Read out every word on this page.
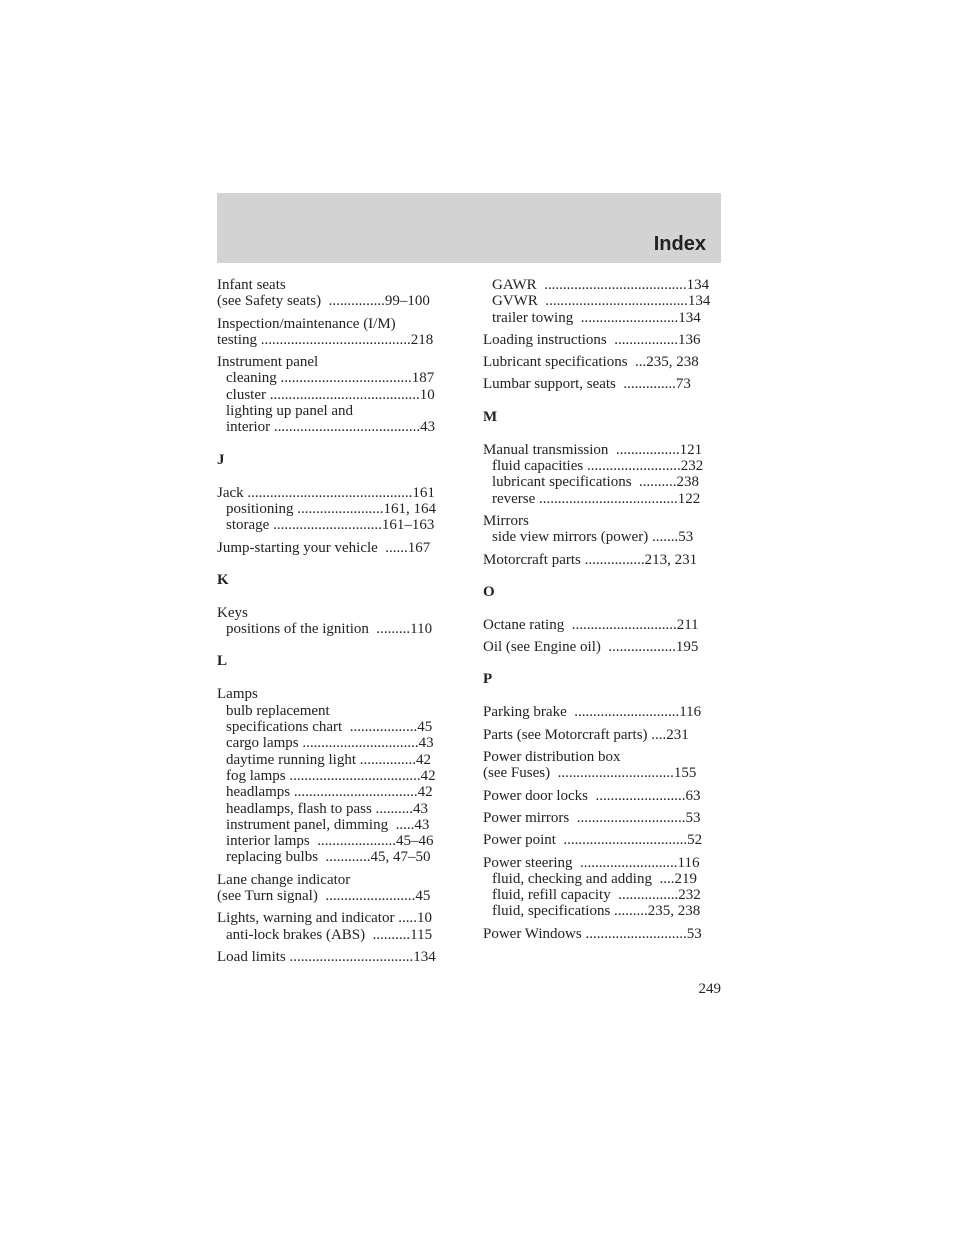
Index
Infant seats
(see Safety seats)  ...............99–100
Inspection/maintenance (I/M)
testing ........................................218
Instrument panel
cleaning ...................................187
cluster ........................................10
lighting up panel and
interior .......................................43
J
Jack ............................................161
positioning .......................161, 164
storage .............................161–163
Jump-starting your vehicle  ......167
K
Keys
positions of the ignition  .........110
L
Lamps
bulb replacement
specifications chart  ..................45
cargo lamps ...............................43
daytime running light ...............42
fog lamps ...................................42
headlamps .................................42
headlamps, flash to pass ..........43
instrument panel, dimming  .....43
interior lamps  .....................45–46
replacing bulbs  ............45, 47–50
Lane change indicator
(see Turn signal)  ........................45
Lights, warning and indicator .....10
anti-lock brakes (ABS)  ..........115
Load limits .................................134
GAWR  ......................................134
GVWR  ......................................134
trailer towing  ..........................134
Loading instructions  .................136
Lubricant specifications  ...235, 238
Lumbar support, seats  ..............73
M
Manual transmission  .................121
fluid capacities .........................232
lubricant specifications  ..........238
reverse .....................................122
Mirrors
side view mirrors (power) .......53
Motorcraft parts ................213, 231
O
Octane rating  ............................211
Oil (see Engine oil)  ..................195
P
Parking brake  ............................116
Parts (see Motorcraft parts) ....231
Power distribution box
(see Fuses)  ...............................155
Power door locks  ........................63
Power mirrors  .............................53
Power point  .................................52
Power steering  ..........................116
fluid, checking and adding  ....219
fluid, refill capacity  ................232
fluid, specifications .........235, 238
Power Windows ...........................53
249
